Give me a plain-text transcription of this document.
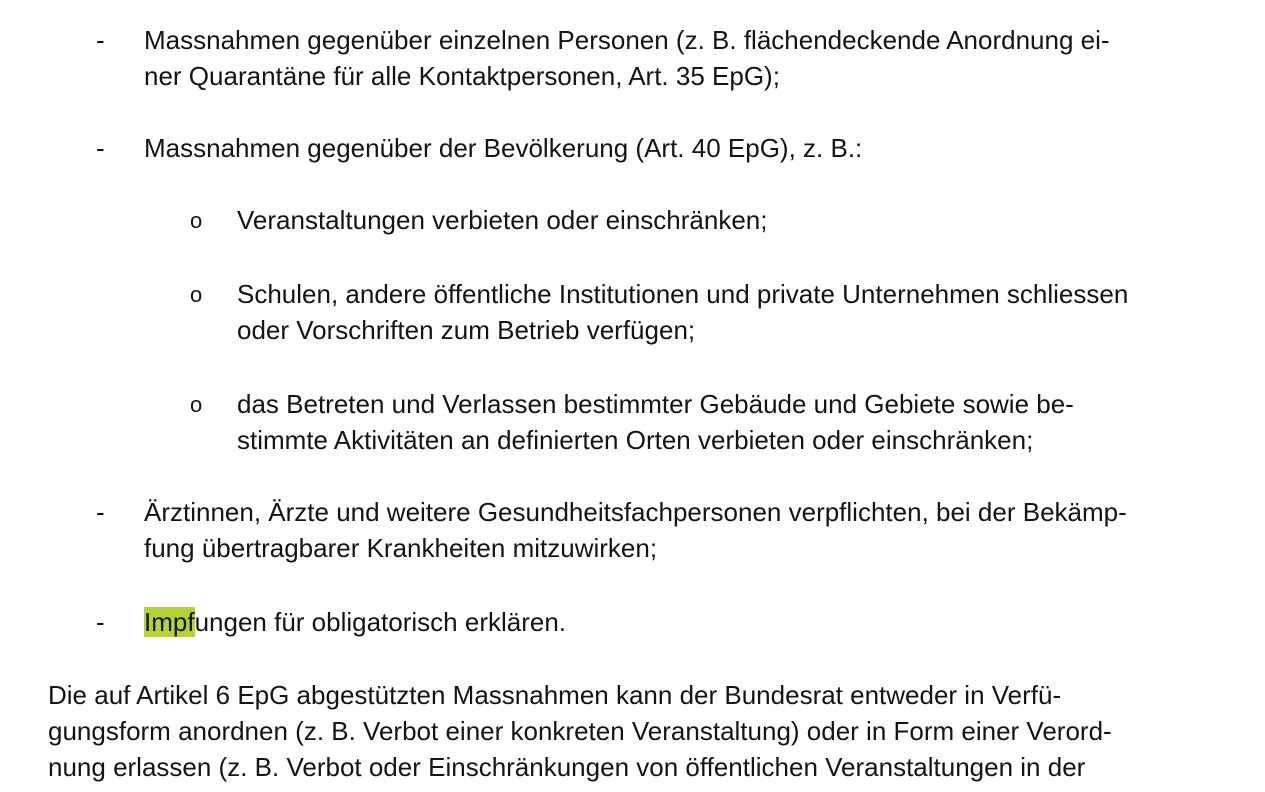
- Massnahmen gegenüber einzelnen Personen (z. B. flächendeckende Anordnung ei-
ner Quarantäne für alle Kontaktpersonen, Art. 35 EpG);
- Massnahmen gegenüber der Bevölkerung (Art. 40 EpG), z. B.:
o Veranstaltungen verbieten oder einschränken;
o Schulen, andere öffentliche Institutionen und private Unternehmen schliessen
oder Vorschriften zum Betrieb verfügen;
o das Betreten und Verlassen bestimmter Gebäude und Gebiete sowie be-
stimmte Aktivitäten an definierten Orten verbieten oder einschränken;
- Ärztinnen, Ärzte und weitere Gesundheitsfachpersonen verpflichten, bei der Bekämp-
fung übertragbarer Krankheiten mitzuwirken;
- Impfungen für obligatorisch erklären.
Die auf Artikel 6 EpG abgestützten Massnahmen kann der Bundesrat entweder in Verfü-
gungsform anordnen (z. B. Verbot einer konkreten Veranstaltung) oder in Form einer Verord-
nung erlassen (z. B. Verbot oder Einschränkungen von öffentlichen Veranstaltungen in der
